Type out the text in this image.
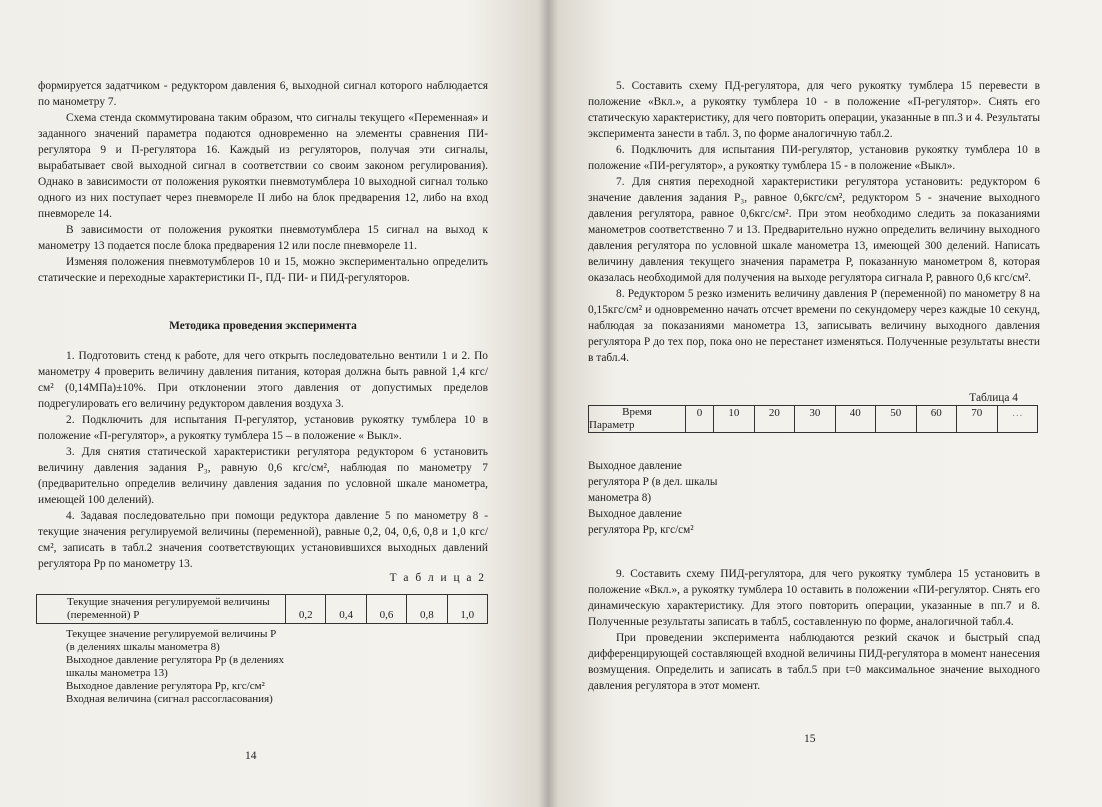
формируется задатчиком - редуктором давления 6, выходной сигнал которого наблюдается по манометру 7.

Схема стенда скоммутирована таким образом, что сигналы текущего «Переменная» и заданного значений параметра подаются одновременно на элементы сравнения ПИ-регулятора 9 и П-регулятора 16. Каждый из регуляторов, получая эти сигналы, вырабатывает свой выходной сигнал в соответствии со своим законом регулирования). Однако в зависимости от положения рукоятки пневмотумблера 10 выходной сигнал только одного из них поступает через пневмореле II либо на блок предварения 12, либо на вход пневмореле 14.

В зависимости от положения рукоятки пневмотумблера 15 сигнал на выход к манометру 13 подается после блока предварения 12 или после пневмореле 11.

Изменяя положения пневмотумблеров 10 и 15, можно экспериментально определить статические и переходные характеристики П-, ПД- ПИ- и ПИД-регуляторов.

Методика проведения эксперимента

1. Подготовить стенд к работе, для чего открыть последовательно вентили 1 и 2. По манометру 4 проверить величину давления питания, которая должна быть равной 1,4 кгс/см² (0,14МПа)±10%. При отклонении этого давления от допустимых пределов подрегулировать его величину редуктором давления воздуха 3.

2. Подключить для испытания П-регулятор, установив рукоятку тумблера 10 в положение «П-регулятор», а рукоятку тумблера 15 – в положение « Выкл».

3. Для снятия статической характеристики регулятора редуктором 6 установить величину давления задания Р₃, равную 0,6 кгс/см², наблюдая по манометру 7 (предварительно определив величину давления задания по условной шкале манометра, имеющей 100 делений).

4. Задавая последовательно при помощи редуктора давление 5 по манометру 8 - текущие значения регулируемой величины (переменной), равные 0,2, 04, 0,6, 0,8 и 1,0 кгс/см², записать в табл.2 значения соответствующих установившихся выходных давлений регулятора Рр по манометру 13.

Т а б л и ц а 2
Текущие значения регулируемой величины (переменной) Р	0,2	0,4	0,6	0,8	1,0
Текущее значение регулируемой величины Р (в делениях шкалы манометра 8)
Выходное давление регулятора Рр (в делениях шкалы манометра 13)
Выходное давление регулятора Рр, кгс/см²
Входная величина (сигнал рассогласования)
14

5. Составить схему ПД-регулятора, для чего рукоятку тумблера 15 перевести в положение «Вкл.», а рукоятку тумблера 10 - в положение «П-регулятор». Снять его статическую характеристику, для чего повторить операции, указанные в пп.3 и 4. Результаты эксперимента занести в табл. 3, по форме аналогичную табл.2.

6. Подключить для испытания ПИ-регулятор, установив рукоятку тумблера 10 в положение «ПИ-регулятор», а рукоятку тумблера 15 - в положение «Выкл».

7. Для снятия переходной характеристики регулятора установить: редуктором 6 значение давления задания Р₃, равное 0,6кгс/см², редуктором 5 - значение выходного давления регулятора, равное 0,6кгс/см². При этом необходимо следить за показаниями манометров соответственно 7 и 13. Предварительно нужно определить величину выходного давления регулятора по условной шкале манометра 13, имеющей 300 делений. Написать величину давления текущего значения параметра Р, показанную манометром 8, которая оказалась необходимой для получения на выходе регулятора сигнала Р, равного 0,6 кгс/см².

8. Редуктором 5 резко изменить величину давления Р (переменной) по манометру 8 на 0,15кгс/см² и одновременно начать отсчет времени по секундомеру через каждые 10 секунд, наблюдая за показаниями манометра 13, записывать величину выходного давления регулятора Р до тех пор, пока оно не перестанет изменяться. Полученные результаты внести в табл.4.

Таблица 4
Время
Параметр
	0	10	20	30	40	50	60	70	…
Выходное давление регулятора Р (в дел. шкалы манометра 8)
Выходное давление регулятора Рр, кгс/см²

9. Составить схему ПИД-регулятора, для чего рукоятку тумблера 15 установить в положение «Вкл.», а рукоятку тумблера 10 оставить в положении «ПИ-регулятор. Снять его динамическую характеристику. Для этого повторить операции, указанные в пп.7 и 8. Полученные результаты записать в табл5, составленную по форме, аналогичной табл.4.

При проведении эксперимента наблюдаются резкий скачок и быстрый спад дифференцирующей составляющей входной величины ПИД-регулятора в момент нанесения возмущения. Определить и записать в табл.5 при t=0 максимальное значение выходного давления регулятора в этот момент.

15
